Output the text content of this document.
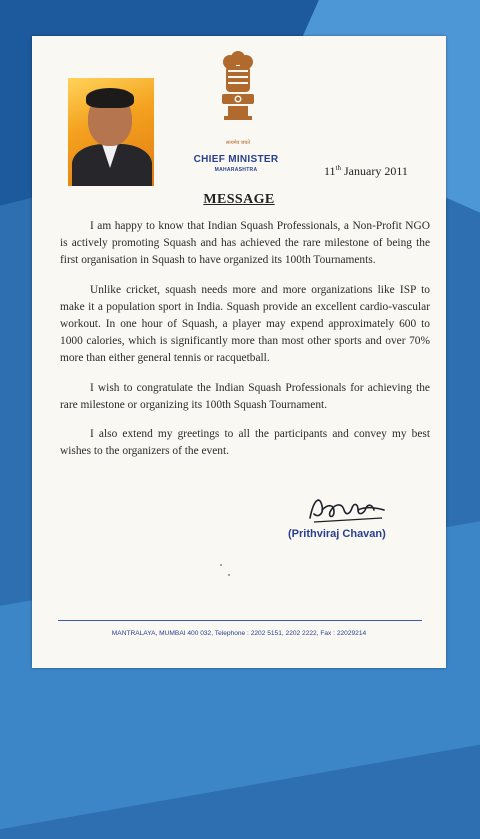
सत्यमेव जयते
CHIEF MINISTER
MAHARASHTRA	11th January 2011
MESSAGE

I am happy to know that Indian Squash Professionals, a Non-Profit NGO is actively promoting Squash and has achieved the rare milestone of being the first organisation in Squash to have organized its 100th Tournaments.

Unlike cricket, squash needs more and more organizations like ISP to make it a population sport in India. Squash provide an excellent cardio-vascular workout. In one hour of Squash, a player may expend approximately 600 to 1000 calories, which is significantly more than most other sports and over 70% more than either general tennis or racquetball.

I wish to congratulate the Indian Squash Professionals for achieving the rare milestone or organizing its 100th Squash Tournament.

I also extend my greetings to all the participants and convey my best wishes to the organizers of the event.

(Prithviraj Chavan)
MANTRALAYA, MUMBAI 400 032, Telephone : 2202 5151, 2202 2222, Fax : 22029214
